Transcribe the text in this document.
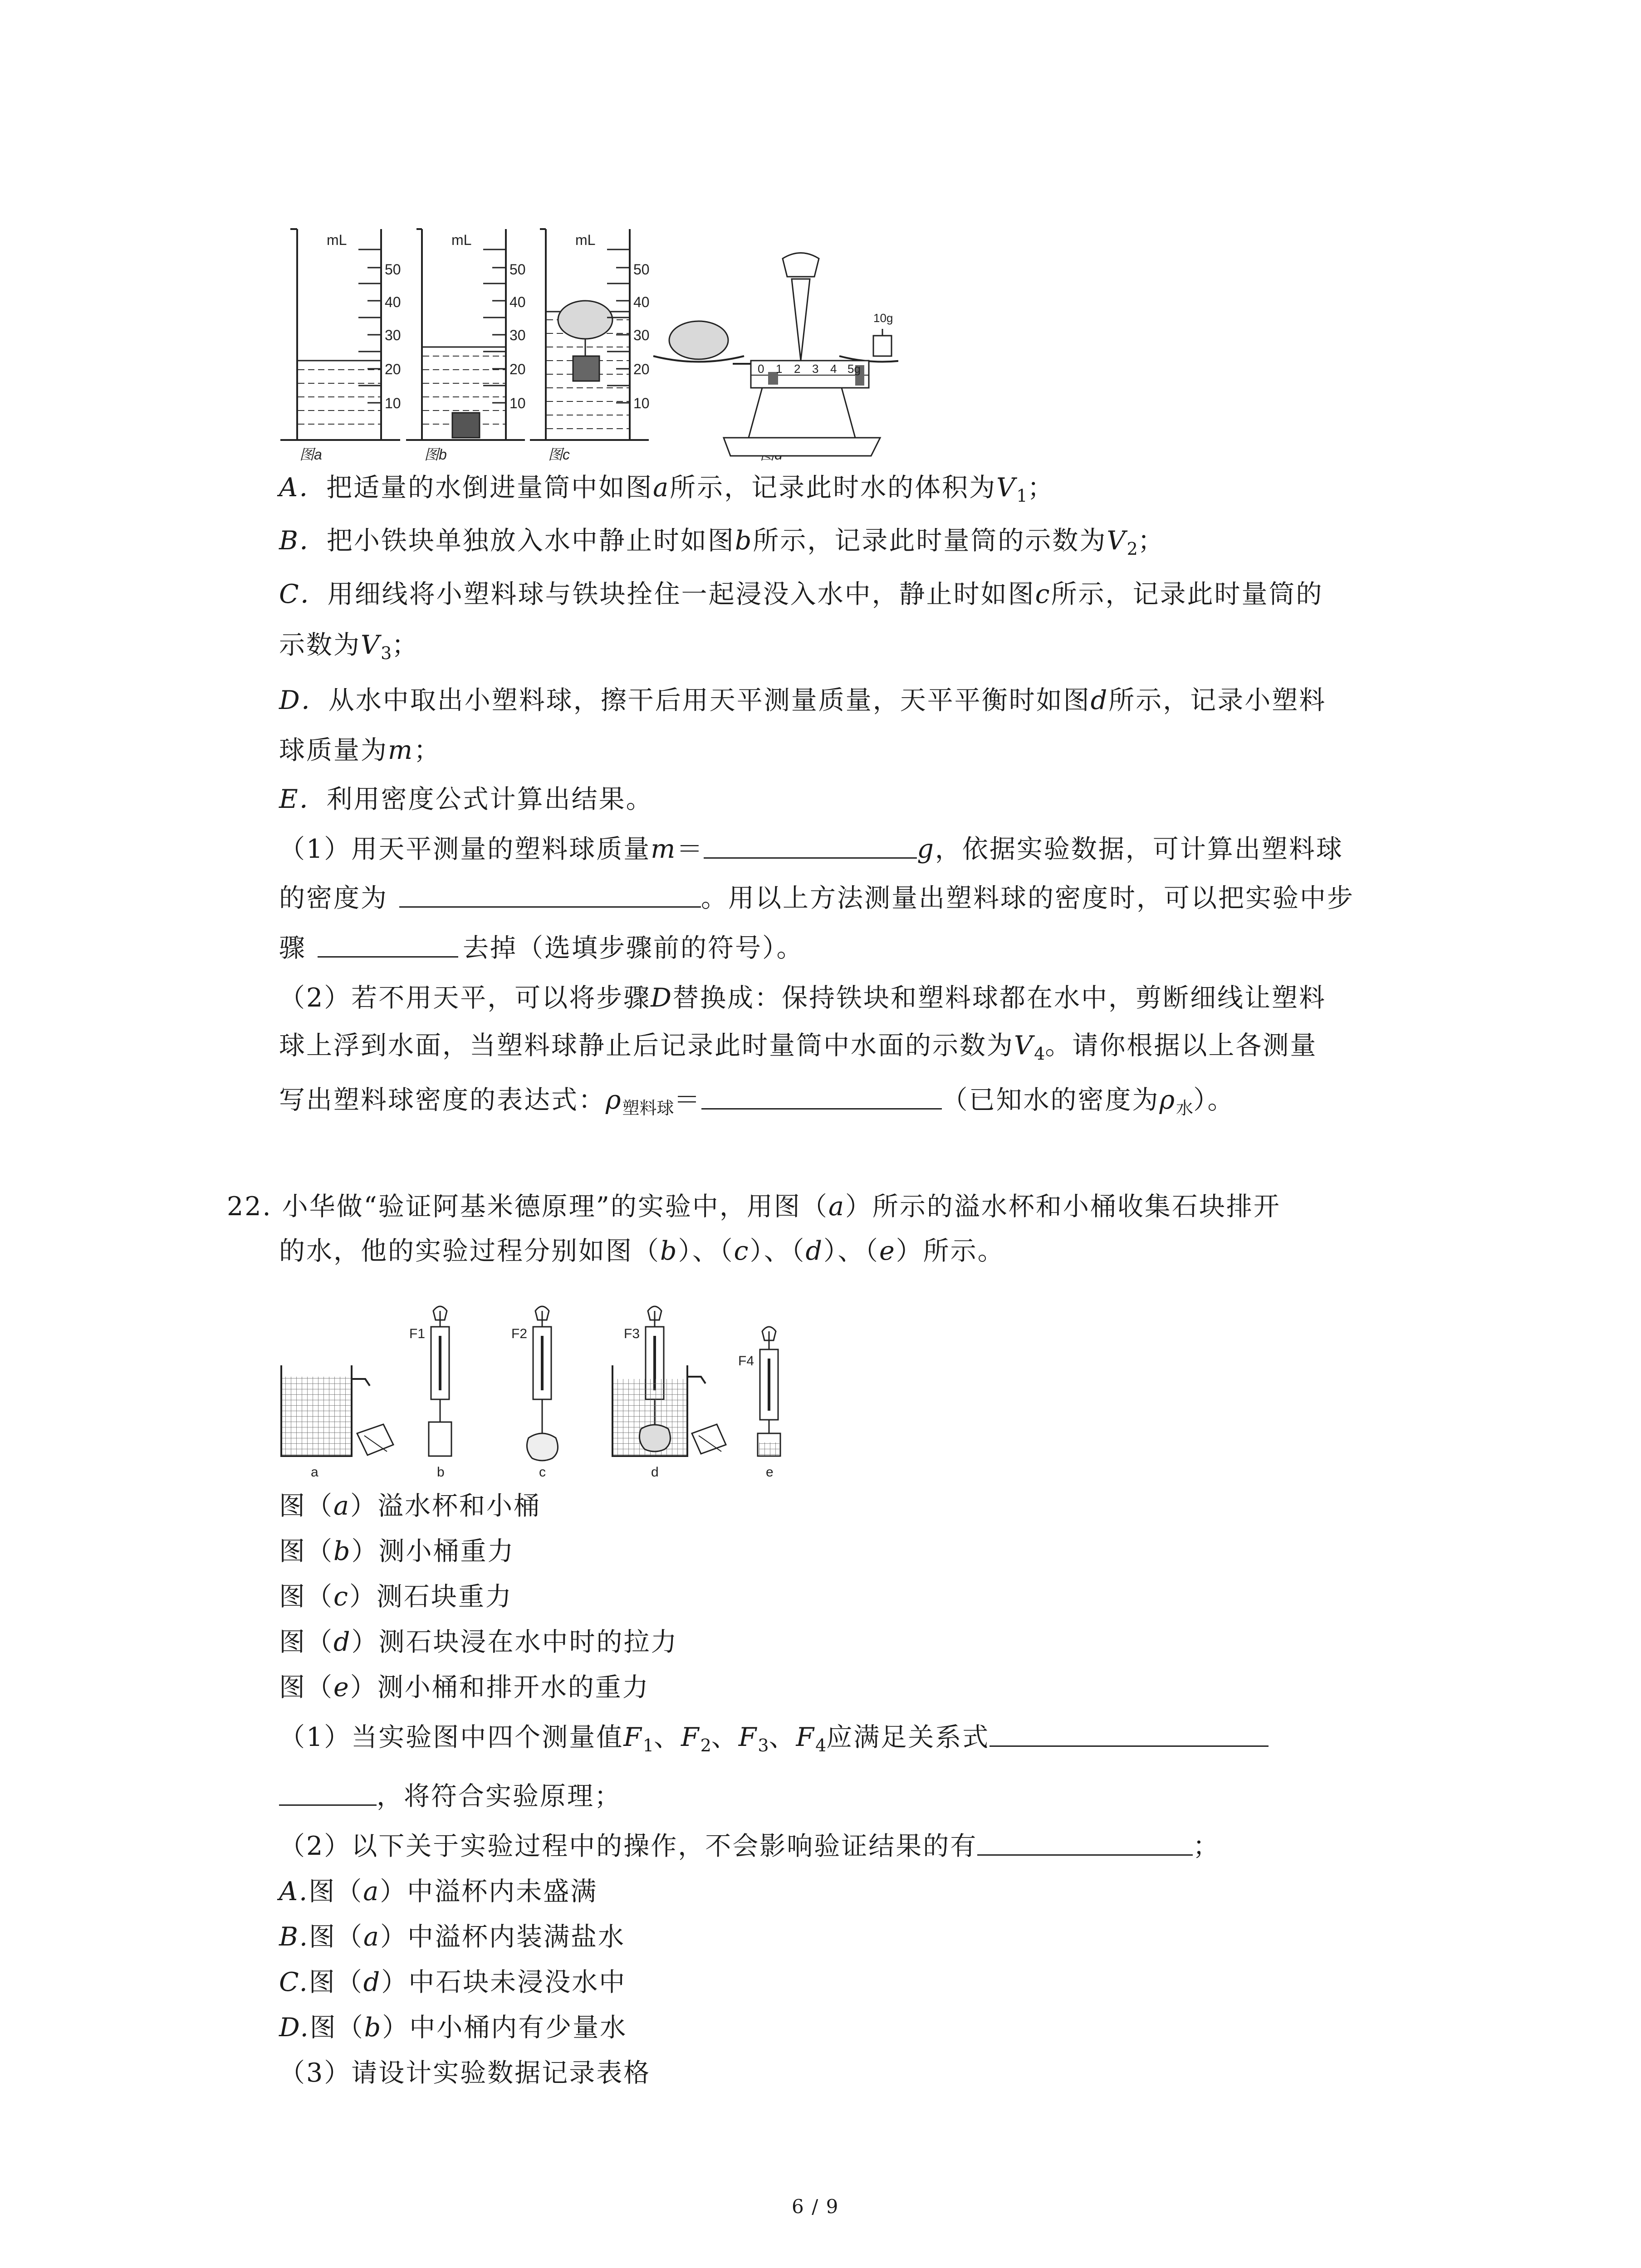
mL	mL	mL
50
40
30
20
10
50
40
30
20
10
50
40
30
20
10
图a	图b	图c
10g
0 1 2 3 4 5g
A．把适量的水倒进量筒中如图a所示，记录此时水的体积为$V_1$；
B．把小铁块单独放入水中静止时如图b所示，记录此时量筒的示数为$V_2$；
C．用细线将小塑料球与铁块拴住一起浸没入水中，静止时如图c所示，记录此时量筒的
示数为$V_3$；
D．从水中取出小塑料球，擦干后用天平测量质量，天平平衡时如图d所示，记录小塑料
球质量为m；
E．利用密度公式计算出结果。
（1）用天平测量的塑料球质量m＝	g，依据实验数据，可计算出塑料球
的密度为	。用以上方法测量出塑料球的密度时，可以把实验中步
骤	去掉（选填步骤前的符号）。
（2）若不用天平，可以将步骤D替换成：保持铁块和塑料球都在水中，剪断细线让塑料
球上浮到水面，当塑料球静止后记录此时量筒中水面的示数为$V_4$。请你根据以上各测量
写出塑料球密度的表达式：$\rho_{塑料球}=$	（已知水的密度为$\rho_水$）。
22. 小华做“验证阿基米德原理”的实验中，用图（a）所示的溢水杯和小桶收集石块排开
的水，他的实验过程分别如图（b）、（c）、（d）、（e）所示。
F1	F2	F3
F4
a	b	c	d	e
图（a）溢水杯和小桶
图（b）测小桶重力
图（c）测石块重力
图（d）测石块浸在水中时的拉力
图（e）测小桶和排开水的重力
（1）当实验图中四个测量值$F_1$、$F_2$、$F_3$、$F_4$应满足关系式
，将符合实验原理；
（2）以下关于实验过程中的操作，不会影响验证结果的有	；
A.图（a）中溢杯内未盛满
B.图（a）中溢杯内装满盐水
C.图（d）中石块未浸没水中
D.图（b）中小桶内有少量水
（3）请设计实验数据记录表格
6 / 9
